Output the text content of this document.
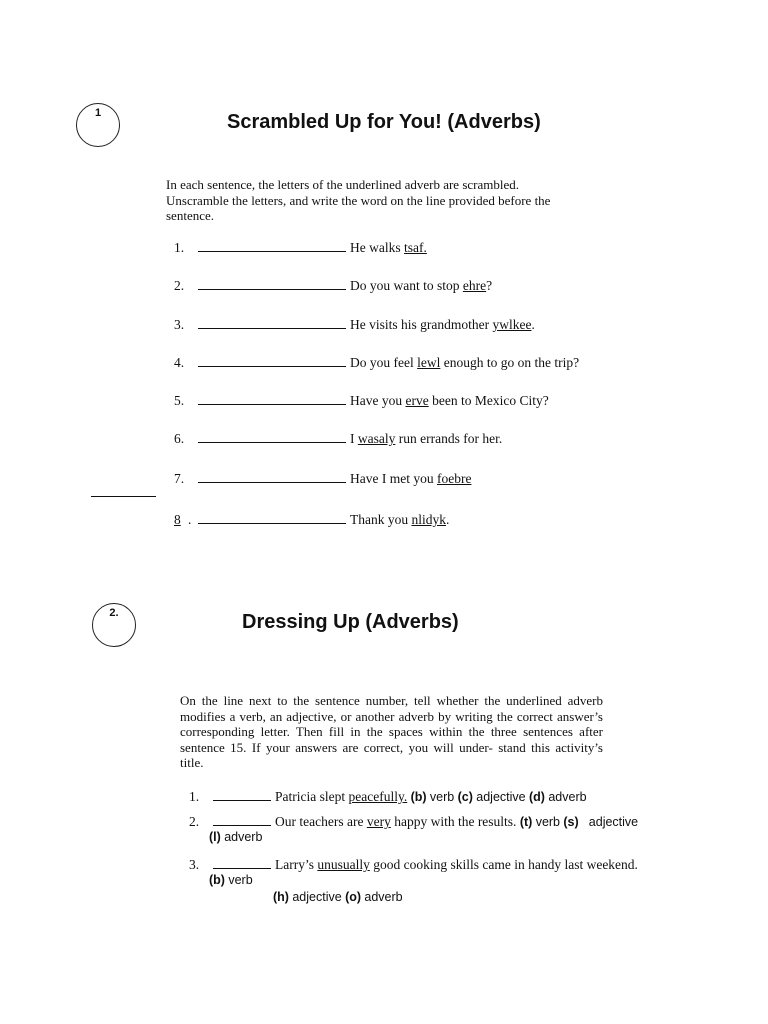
1	Scrambled Up for You! (Adverbs)
In each sentence, the letters of the underlined adverb are scrambled. Unscramble the letters, and write the word on the line provided before the sentence.
1.	He walks tsaf.
2.	Do you want to stop ehre?
3.	He visits his grandmother ywlkee.
4.	Do you feel lewl enough to go on the trip?
5.	Have you erve been to Mexico City?
6.	I wasaly run errands for her.
7.	Have I met you foebre
8 .	Thank you nlidyk.
2.	Dressing Up (Adverbs)
On the line next to the sentence number, tell whether the underlined adverb modifies a verb, an adjective, or another adverb by writing the correct answer’s corresponding letter. Then fill in the spaces within the three sentences after sentence 15. If your answers are correct, you will under- stand this activity’s title.
1.	Patricia slept peacefully. (b) verb (c) adjective (d) adverb
2.	Our teachers are very happy with the results. (t) verb (s) adjective
(l) adverb
3.	Larry’s unusually good cooking skills came in handy last weekend.
(b) verb
(h) adjective (o) adverb
